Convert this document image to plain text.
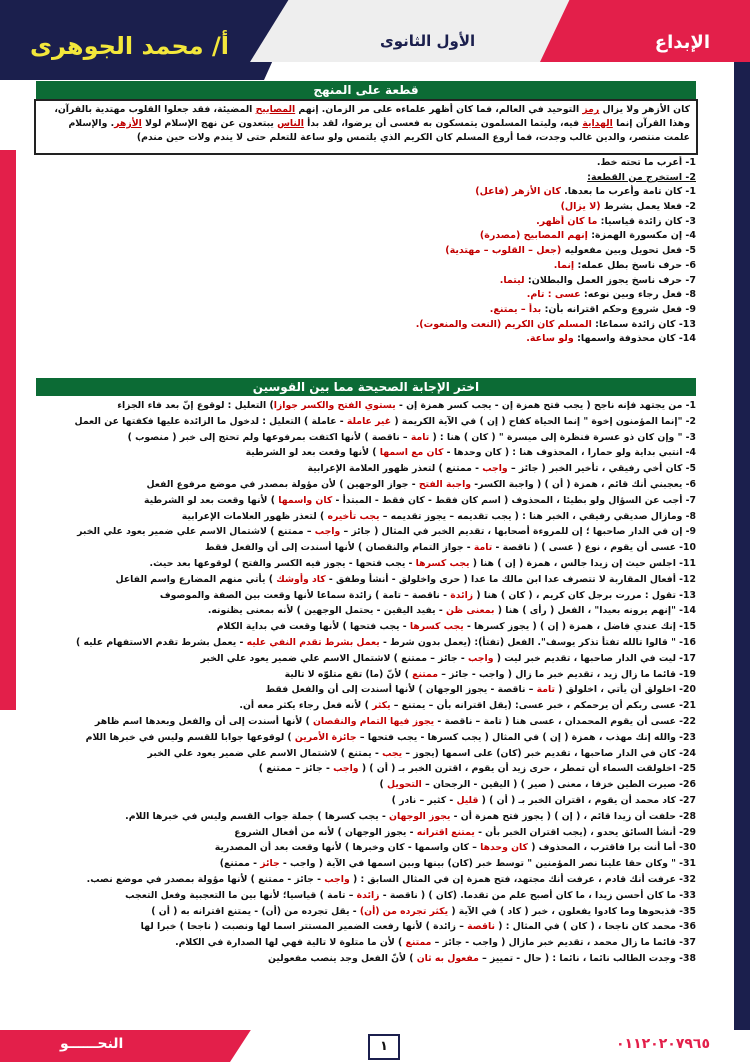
أ/ محمد الجوهرى	الأول الثانوى	الإبداع
قطعة على المنهج
كان الأزهر ولا يزال رمز التوحيد في العالم، فما كان أظهر علماءه على مر الزمان. إنهم المصابيح المضيئة، فقد جعلوا القلوب مهتدية بالقرآن، وهذا القرآن إنما الهداية فيه، وليتما المسلمون يتمسكون به فعسى أن يرضوا، لقد بدأ الناس يبتعدون عن نهج الإسلام لولا الأزهر. والإسلام علمت منتصر، والدين غالب وجدت، فما أروع المسلم كان الكريم الذي يلتمس ولو ساعة للتعلم حتى لا يندم ولات حين مندم)
1- أعرب ما تحته خط.
2- استخرج من القطعة:
1- كان تامة وأعرب ما بعدها. كان الأزهر (فاعل)
2- فعلا يعمل بشرط (لا يزال)
3- كان زائدة قياسيا: ما كان أظهر.
4- إن مكسورة الهمزة: إنهم المصابيح (مصدرة)
5- فعل تحويل وبين مفعوليه (جعل – القلوب – مهتدية)
6- حرف ناسخ بطل عمله: إنما.
7- حرف ناسخ يجوز العمل والبطلان: ليتما.
8- فعل رجاء وبين نوعه: عسى : تام.
9- فعل شروع وحكم اقترانه بأن: بدأ – يمتنع.
13- كان زائدة سماعا: المسلم كان الكريم (النعت والمنعوت).
14- كان محذوفة واسمها: ولو ساعة.
اختر الإجابة الصحيحة مما بين القوسين
1- من يجتهد فإنه ناجح ( يجب فتح همزة إن - يجب كسر همزة إن - يستوي الفتح والكسر جوازا) التعليل : لوقوع إنّ بعد فاء الجزاء
2- "إنما المؤمنون إخوة " إنما الحياة كفاح ( إن ) في الآية الكريمة ( غير عاملة - عاملة ) التعليل : لدخول ما الزائدة عليها فكفتها عن العمل
3- " وإن كان ذو عسرة فنظرة إلى ميسرة " ( كان ) هنا : ( تامة – ناقصة ) لأنها اكتفت بمرفوعها ولم تحتج إلى خبر ( منصوب )
4- انتبي بداية ولو حمارا ، المحذوف هنا : ( كان وحدها - كان مع اسمها ) لأنها وقعت بعد لو الشرطية
5- كان أخي رفيقي ، تأخير الخبر ( جائز – واجب - ممتنع ) لتعذر ظهور العلامة الإعرابية
6- يعجبني أنك قائم ، همزة ( أن ) ( واجبة الكسر- واجبة الفتح - جواز الوجهين ) لأن مؤولة بمصدر في موضع مرفوع الفعل
7- أجب عن السؤال ولو بطيئا ، المحذوف ( اسم كان فقط - كان فقط - المبتدأ - كان واسمها ) لأنها وقعت بعد لو الشرطية
8- ومازال صديقي رفيقي ، الخبر هنا : ( يجب تقديمه – يجوز تقديمه – يجب تأخيره ) لتعذر ظهور العلامات الإعرابية
9- إن في الدار صاحبها ؛ إن للمروءة أصحابها ، تقديم الخبر في المثال ( جائز – واجب – ممتنع ) لاشتمال الاسم علي ضمير يعود علي الخبر
10- عسى أن يقوم ، نوع ( عسى ) ( ناقصة - تامة - جواز التمام والنقصان ) لأنها أسندت إلى أن والفعل فقط
11- اجلس حيث إن زيدا جالس ، همزة ( إن ) هنا ( يجب كسرها - يجب فتحها - يجوز فيه الكسر والفتح ) لوقوعها بعد حيث.
12- أفعال المقاربة لا تتصرف عدا ابن مالك ما عدا ( حرى واخلولق - أنشأ وطفق - كاد وأوشك ) يأتي منهم المضارع واسم الفاعل
13- تقول : مررت برجل كان كريم ، ( كان ) هنا ( زائدة - ناقصة – تامة ) زائدة سماعا لأنها وقعت بين الصفة والموصوف
14- "إنهم يرونه بعيدا" ، الفعل ( رأى ) هنا ( بمعنى ظن - يفيد اليقين - يحتمل الوجهين ) لأنه بمعنى يظنونه.
15- إنك عندي فاضل ، همزة ( إن ) ( يجوز كسرها - يجب كسرها - يجب فتحها ) لأنها وقعت في بداية الكلام
16- " قالوا تالله تفتأ تذكر يوسف". الفعل (تفتأ): (يعمل بدون شرط - يعمل بشرط تقدم النفي عليه - يعمل بشرط تقدم الاستفهام عليه )
17- ليت في الدار صاحبها ، تقديم خبر ليت ( واجب - جائز – ممتنع ) لاشتمال الاسم علي ضمير يعود علي الخبر
19- قائما ما زال زيد ، تقديم خبر ما زال ( واجب - جائز – ممتنع ) لأنّ (ما) تقع متلوّه لا تالية
20- اخلولق أن يأتي ، اخلولق ( تامة – ناقصة - يجوز الوجهان ) لأنها أسندت إلى أن والفعل فقط
21- عسى ربكم أن يرحمكم ، خبر عسى: (يقل اقترانه بأن – يمتنع – يكثر ) لأنه فعل رجاء يكثر معه أن.
22- عسى أن يقوم المحمدان ، عسى هنا ( تامة – ناقصة - يجوز فيها التمام والنقصان ) لأنها أسندت إلى أن والفعل وبعدها اسم ظاهر
23- والله إنك مهذب ، همزة ( إن ) في المثال ( يجب كسرها - يجب فتحها – جائزة الأمرين ) لوقوعها جوابا للقسم وليس في خبرها اللام
24- كان في الدار صاحبها ، تقديم خبر (كان) على اسمها (يجوز – يجب - يمتنع ) لاشتمال الاسم علي ضمير يعود علي الخبر
25- اخلولقت السماء أن تمطر ، حرى زيد أن يقوم ، اقترن الخبر بـ ( أن ) ( واجب - جائز – ممتنع )
26- صيرت الطين خزفا ، معنى ( صير ) ( اليقين - الرجحان – التحويل )
27- كاد محمد أن يقوم ، اقتران الخبر بـ ( أن ) ( قليل - كثير – نادر )
28- حلفت أن زيدا قائم ، ( إن ) ( يجوز فتح همزة أن - يجوز الوجهان - يجب كسرها ) جملة جواب القسم وليس في خبرها اللام.
29- أنشأ السائق يحدو ، (يجب اقتران الخبر بأن - يمتنع اقترانه - يجوز الوجهان ) لأنه من أفعال الشروع
30- أما أنت برا فاقترب ، المحذوف ( كان وحدها – كان واسمها - كان وخبرها ) لأنها وقعت بعد أن المصدرية
31- " وكان حقا علينا نصر المؤمنين " توسط خبر (كان) بينها وبين اسمها في الآية ( واجب - جائز - ممتنع)
32- عرفت أنك قادم ، عرفت أنك مجتهد، فتح همزة إن في المثال السابق : ( واجب - جائز - ممتنع ) لأنها مؤولة بمصدر في موضع نصب.
33- ما كان أحسن زيدا ، ما كان أصبح علم من تقدما. (كان ) ( ناقصة - زائدة – تامة ) قياسيا؛ لأنها بين ما التعجبية وفعل التعجب
35- فذبحوها وما كادوا يفعلون ، خبر ( كاد ) في الآية ( يكثر تجرده من (أن) - يقل تجرده من (أن) - يمتنع اقترانه به ( أن )
36- محمد كان ناجحا ، ( كان ) في المثال : ( ناقصة – زائدة ) لأنها رفعت الضمير المستتر اسما لها ونصبت ( ناجحا ) خبرا لها
37- قائما ما زال محمد ، تقديم خبر مازال ( واجب - جائز – ممتنع ) لأن ما متلوة لا تالية فهي لها الصدارة في الكلام.
38- وجدت الطالب نائما ، نائما : ( حال - تمييز – مفعول به ثان ) لأنّ الفعل وجد ينصب مفعولين
٠١١٢٠٢٠٧٩٦٥
١
النحــــــو
